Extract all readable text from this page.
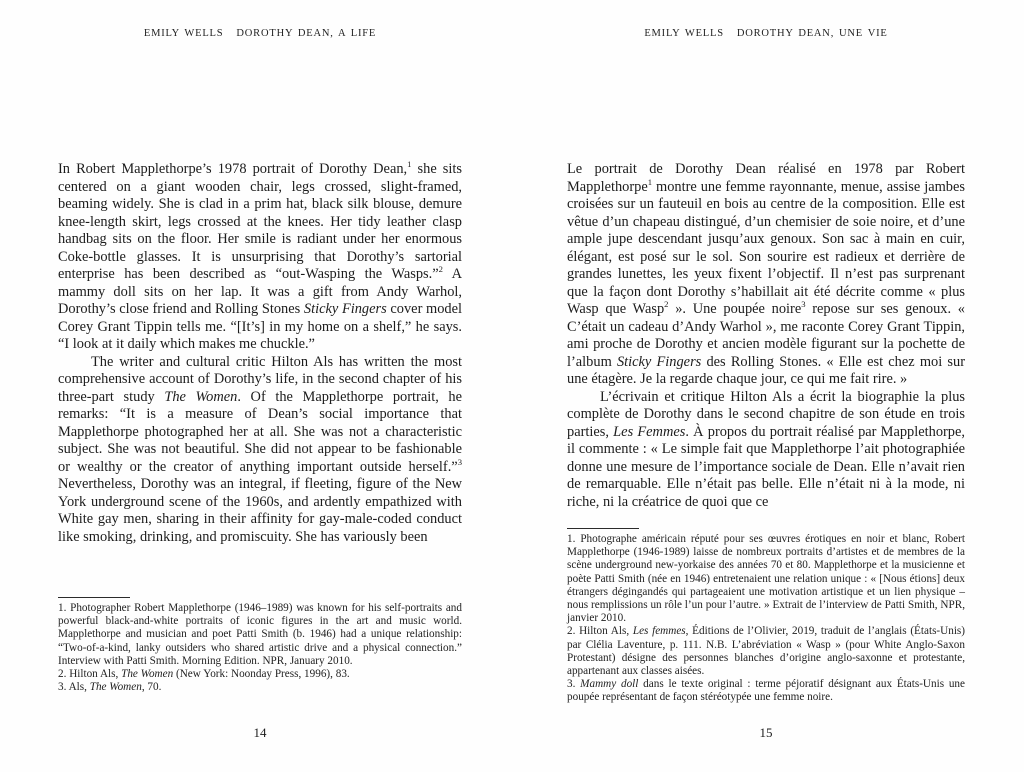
EMILY WELLS DOROTHY DEAN, A LIFE

In Robert Mapplethorpe’s 1978 portrait of Dorothy Dean,$^1$ she sits centered on a giant wooden chair, legs crossed, slight-framed, beaming widely. She is clad in a prim hat, black silk blouse, demure knee-length skirt, legs crossed at the knees. Her tidy leather clasp handbag sits on the floor. Her smile is radiant under her enormous Coke-bottle glasses. It is unsurprising that Dorothy’s sartorial enterprise has been described as “out-Wasping the Wasps.”$^2$ A mammy doll sits on her lap. It was a gift from Andy Warhol, Dorothy’s close friend and Rolling Stones Sticky Fingers cover model Corey Grant Tippin tells me. “[It’s] in my home on a shelf,” he says. “I look at it daily which makes me chuckle.”

The writer and cultural critic Hilton Als has written the most comprehensive account of Dorothy’s life, in the second chapter of his three-part study The Women. Of the Mapplethorpe portrait, he remarks: “It is a measure of Dean’s social importance that Mapplethorpe photographed her at all. She was not a characteristic subject. She was not beautiful. She did not appear to be fashionable or wealthy or the creator of anything important outside herself.”$^3$ Nevertheless, Dorothy was an integral, if fleeting, figure of the New York underground scene of the 1960s, and ardently empathized with White gay men, sharing in their affinity for gay-male-coded conduct like smoking, drinking, and promiscuity. She has variously been

1. Photographer Robert Mapplethorpe (1946–1989) was known for his self-portraits and powerful black-and-white portraits of iconic figures in the art and music world. Mapplethorpe and musician and poet Patti Smith (b. 1946) had a unique relationship: “Two-of-a-kind, lanky outsiders who shared artistic drive and a physical connection.” Interview with Patti Smith. Morning Edition. NPR, January 2010.

2. Hilton Als, The Women (New York: Noonday Press, 1996), 83.

3. Als, The Women, 70.

14
EMILY WELLS DOROTHY DEAN, UNE VIE

Le portrait de Dorothy Dean réalisé en 1978 par Robert Mapplethorpe$^1$ montre une femme rayonnante, menue, assise jambes croisées sur un fauteuil en bois au centre de la composition. Elle est vêtue d’un chapeau distingué, d’un chemisier de soie noire, et d’une ample jupe descendant jusqu’aux genoux. Son sac à main en cuir, élégant, est posé sur le sol. Son sourire est radieux et derrière de grandes lunettes, les yeux fixent l’objectif. Il n’est pas surprenant que la façon dont Dorothy s’habillait ait été décrite comme « plus Wasp que Wasp$^2$ ». Une poupée noire$^3$ repose sur ses genoux. « C’était un cadeau d’Andy Warhol », me raconte Corey Grant Tippin, ami proche de Dorothy et ancien modèle figurant sur la pochette de l’album Sticky Fingers des Rolling Stones. « Elle est chez moi sur une étagère. Je la regarde chaque jour, ce qui me fait rire. »

L’écrivain et critique Hilton Als a écrit la biographie la plus complète de Dorothy dans le second chapitre de son étude en trois parties, Les Femmes. À propos du portrait réalisé par Mapplethorpe, il commente : « Le simple fait que Mapplethorpe l’ait photographiée donne une mesure de l’importance sociale de Dean. Elle n’avait rien de remarquable. Elle n’était pas belle. Elle n’était ni à la mode, ni riche, ni la créatrice de quoi que ce

1. Photographe américain réputé pour ses œuvres érotiques en noir et blanc, Robert Mapplethorpe (1946-1989) laisse de nombreux portraits d’artistes et de membres de la scène underground new-yorkaise des années 70 et 80. Mapplethorpe et la musicienne et poète Patti Smith (née en 1946) entretenaient une relation unique : « [Nous étions] deux étrangers dégingandés qui partageaient une motivation artistique et un lien physique – nous remplissions un rôle l’un pour l’autre. » Extrait de l’interview de Patti Smith, NPR, janvier 2010.

2. Hilton Als, Les femmes, Éditions de l’Olivier, 2019, traduit de l’anglais (États-Unis) par Clélia Laventure, p. 111. N.B. L’abréviation « Wasp » (pour White Anglo-Saxon Protestant) désigne des personnes blanches d’origine anglo-saxonne et protestante, appartenant aux classes aisées.

3. Mammy doll dans le texte original : terme péjoratif désignant aux États-Unis une poupée représentant de façon stéréotypée une femme noire.

15
